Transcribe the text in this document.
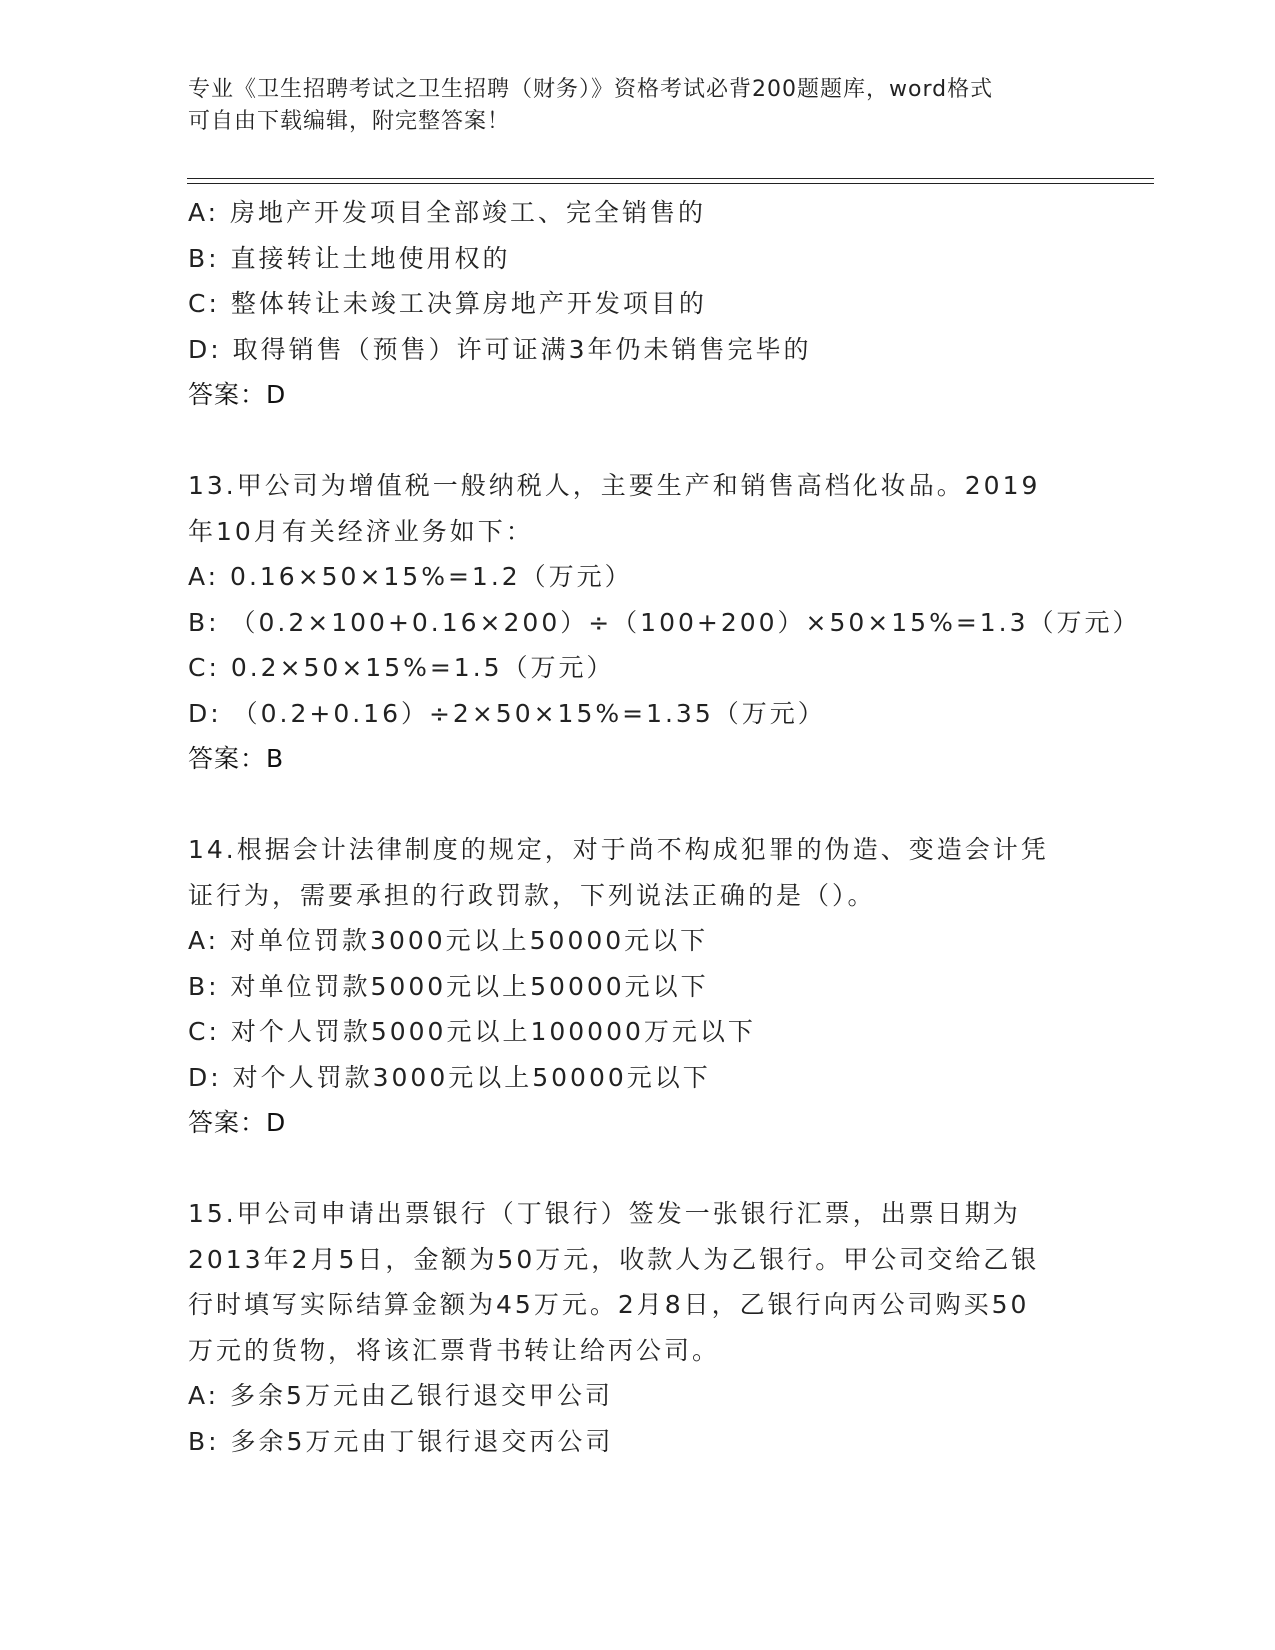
专业《卫生招聘考试之卫生招聘（财务）》资格考试必背200题题库，word格式
可自由下载编辑，附完整答案！
A: 房地产开发项目全部竣工、完全销售的
B: 直接转让土地使用权的
C: 整体转让未竣工决算房地产开发项目的
D: 取得销售（预售）许可证满3年仍未销售完毕的
答案：D
13.甲公司为增值税一般纳税人，主要生产和销售高档化妆品。2019
年10月有关经济业务如下：
A: 0.16×50×15%=1.2（万元）
B: （0.2×100+0.16×200）÷（100+200）×50×15%=1.3（万元）
C: 0.2×50×15%=1.5（万元）
D: （0.2+0.16）÷2×50×15%=1.35（万元）
答案：B
14.根据会计法律制度的规定，对于尚不构成犯罪的伪造、变造会计凭
证行为，需要承担的行政罚款，下列说法正确的是（）。
A: 对单位罚款3000元以上50000元以下
B: 对单位罚款5000元以上50000元以下
C: 对个人罚款5000元以上100000万元以下
D: 对个人罚款3000元以上50000元以下
答案：D
15.甲公司申请出票银行（丁银行）签发一张银行汇票，出票日期为
2013年2月5日，金额为50万元，收款人为乙银行。甲公司交给乙银
行时填写实际结算金额为45万元。2月8日，乙银行向丙公司购买50
万元的货物，将该汇票背书转让给丙公司。
A: 多余5万元由乙银行退交甲公司
B: 多余5万元由丁银行退交丙公司
